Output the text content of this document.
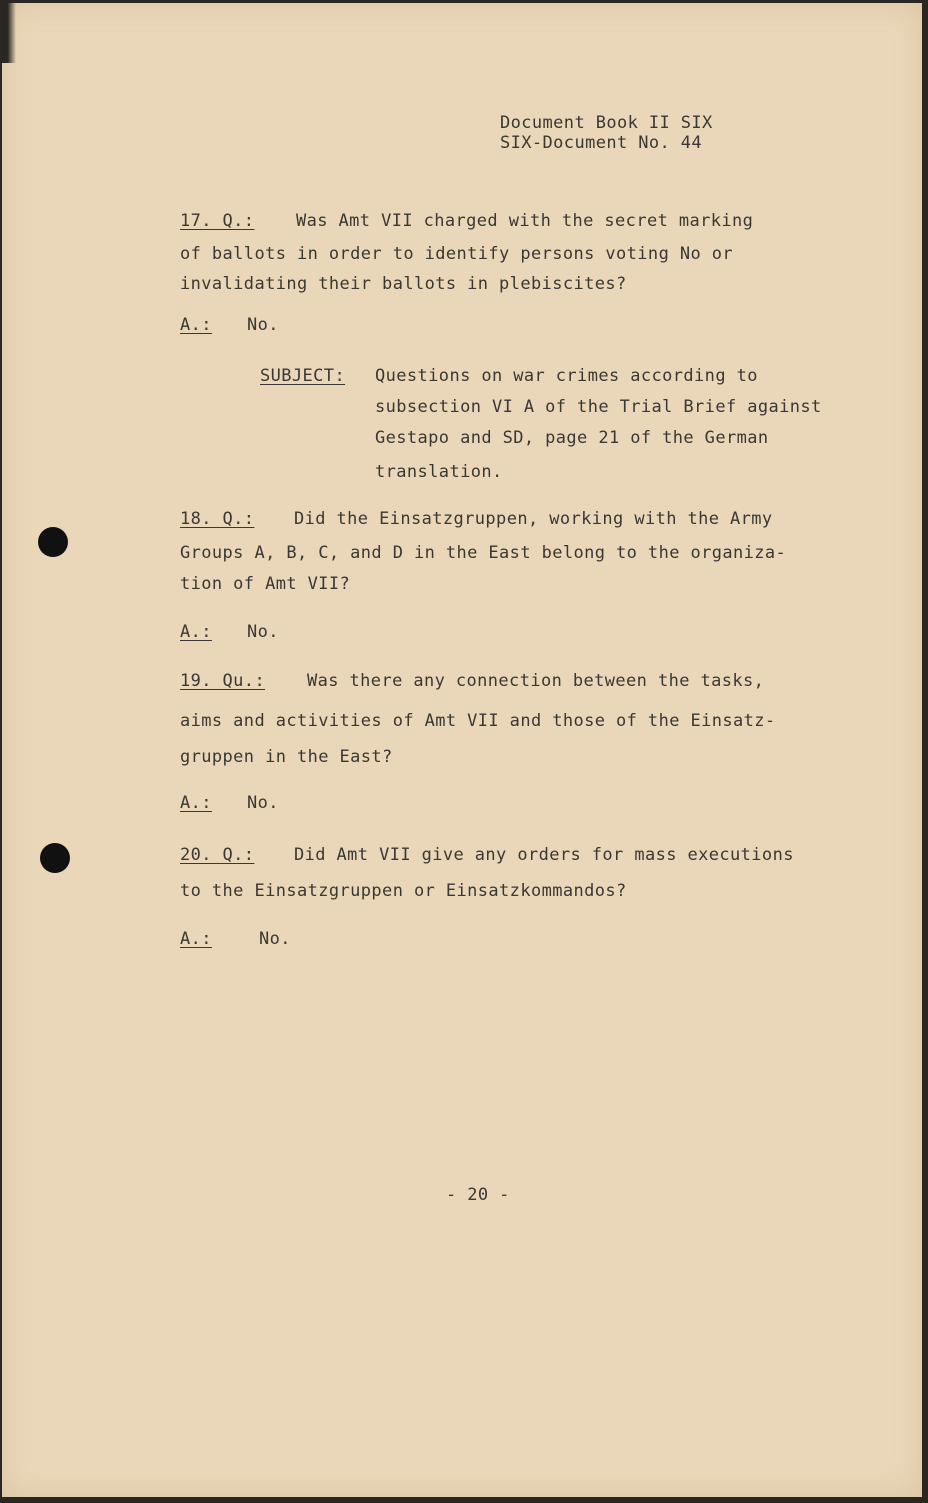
Document Book II SIX
SIX-Document No. 44
17. Q.: Was Amt VII charged with the secret marking
of ballots in order to identify persons voting No or
invalidating their ballots in plebiscites?
A.: No.
SUBJECT: Questions on war crimes according to
subsection VI A of the Trial Brief against
Gestapo and SD, page 21 of the German
translation.
18. Q.: Did the Einsatzgruppen, working with the Army
Groups A, B, C, and D in the East belong to the organiza-
tion of Amt VII?
A.: No.
19. Qu.: Was there any connection between the tasks,
aims and activities of Amt VII and those of the Einsatz-
gruppen in the East?
A.: No.
20. Q.: Did Amt VII give any orders for mass executions
to the Einsatzgruppen or Einsatzkommandos?
A.:	No.
- 20 -
